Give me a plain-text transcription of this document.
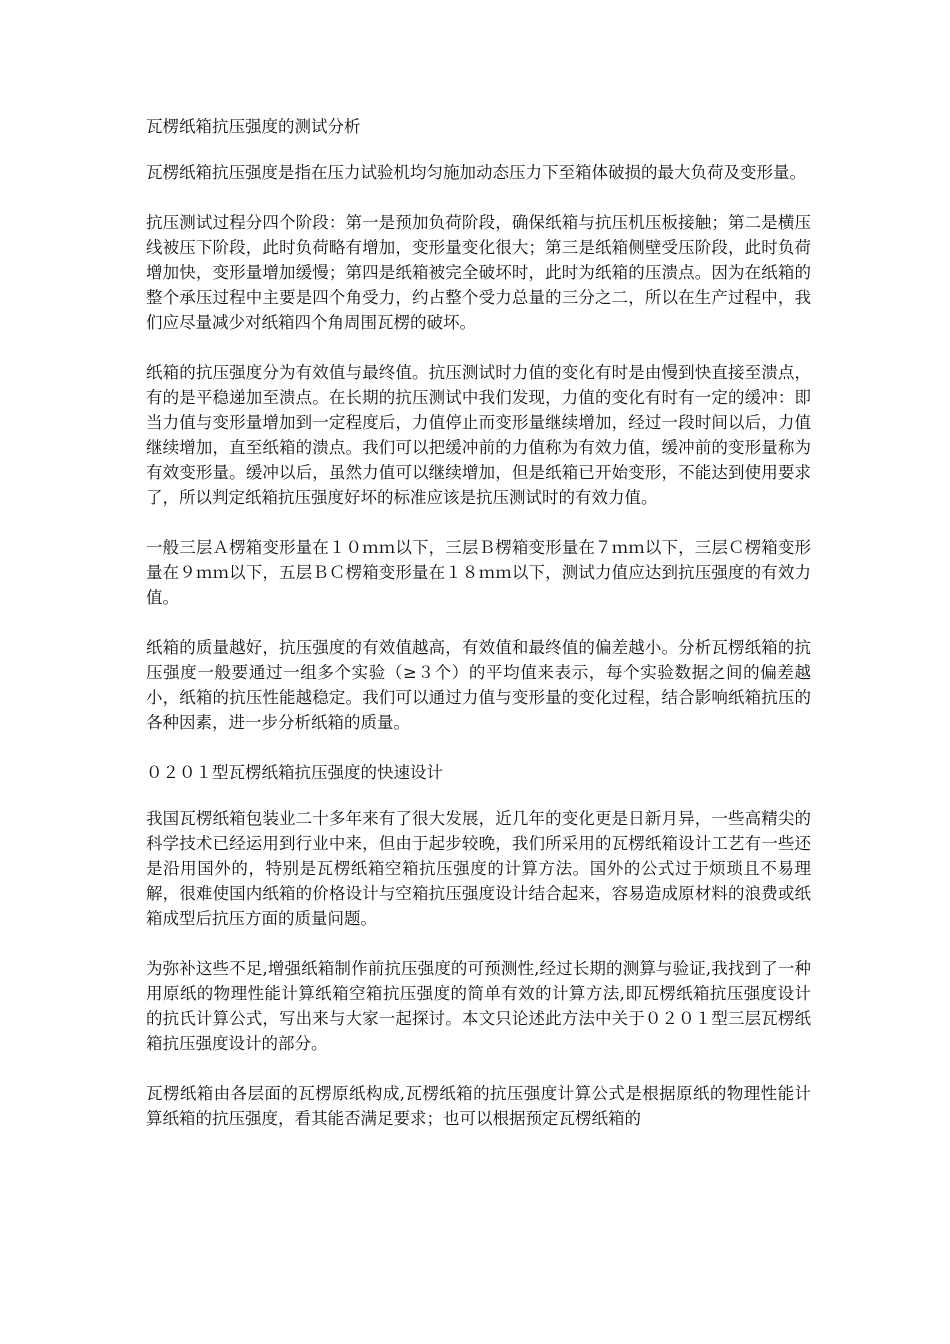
瓦楞纸箱抗压强度的测试分析

瓦楞纸箱抗压强度是指在压力试验机均匀施加动态压力下至箱体破损的最大负荷及变形量。

抗压测试过程分四个阶段：第一是预加负荷阶段，确保纸箱与抗压机压板接触；第二是横压线被压下阶段，此时负荷略有增加，变形量变化很大；第三是纸箱侧壁受压阶段，此时负荷增加快，变形量增加缓慢；第四是纸箱被完全破坏时，此时为纸箱的压溃点。因为在纸箱的整个承压过程中主要是四个角受力，约占整个受力总量的三分之二，所以在生产过程中，我们应尽量减少对纸箱四个角周围瓦楞的破坏。

纸箱的抗压强度分为有效值与最终值。抗压测试时力值的变化有时是由慢到快直接至溃点，有的是平稳递加至溃点。在长期的抗压测试中我们发现，力值的变化有时有一定的缓冲：即当力值与变形量增加到一定程度后，力值停止而变形量继续增加，经过一段时间以后，力值继续增加，直至纸箱的溃点。我们可以把缓冲前的力值称为有效力值，缓冲前的变形量称为有效变形量。缓冲以后，虽然力值可以继续增加，但是纸箱已开始变形，不能达到使用要求了，所以判定纸箱抗压强度好坏的标准应该是抗压测试时的有效力值。

一般三层Ａ楞箱变形量在１０ｍｍ以下，三层Ｂ楞箱变形量在７ｍｍ以下，三层Ｃ楞箱变形量在９ｍｍ以下，五层ＢＣ楞箱变形量在１８ｍｍ以下，测试力值应达到抗压强度的有效力值。

纸箱的质量越好，抗压强度的有效值越高，有效值和最终值的偏差越小。分析瓦楞纸箱的抗压强度一般要通过一组多个实验（≥３个）的平均值来表示，每个实验数据之间的偏差越小，纸箱的抗压性能越稳定。我们可以通过力值与变形量的变化过程，结合影响纸箱抗压的各种因素，进一步分析纸箱的质量。

０２０１型瓦楞纸箱抗压强度的快速设计

我国瓦楞纸箱包装业二十多年来有了很大发展，近几年的变化更是日新月异，一些高精尖的科学技术已经运用到行业中来，但由于起步较晚，我们所采用的瓦楞纸箱设计工艺有一些还是沿用国外的，特别是瓦楞纸箱空箱抗压强度的计算方法。国外的公式过于烦琐且不易理解，很难使国内纸箱的价格设计与空箱抗压强度设计结合起来，容易造成原材料的浪费或纸箱成型后抗压方面的质量问题。

为弥补这些不足,增强纸箱制作前抗压强度的可预测性,经过长期的测算与验证,我找到了一种用原纸的物理性能计算纸箱空箱抗压强度的简单有效的计算方法,即瓦楞纸箱抗压强度设计的抗氏计算公式，写出来与大家一起探讨。本文只论述此方法中关于０２０１型三层瓦楞纸箱抗压强度设计的部分。

瓦楞纸箱由各层面的瓦楞原纸构成,瓦楞纸箱的抗压强度计算公式是根据原纸的物理性能计算纸箱的抗压强度，看其能否满足要求；也可以根据预定瓦楞纸箱的
